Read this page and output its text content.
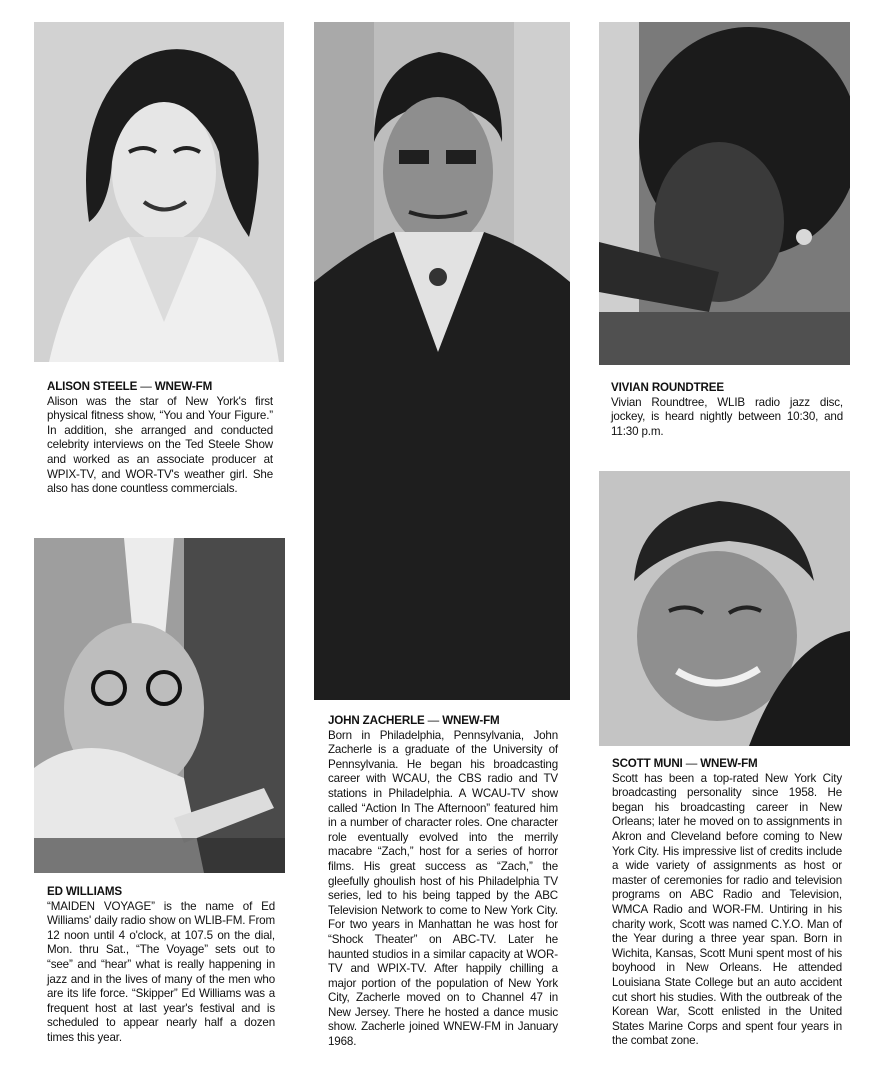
ALISON STEELE — WNEW-FM

Alison was the star of New York's first physical fitness show, “You and Your Figure.” In addition, she arranged and conducted celebrity interviews on the Ted Steele Show and worked as an associate producer at WPIX-TV, and WOR-TV's weather girl. She also has done countless commercials.

JOHN ZACHERLE — WNEW-FM

Born in Philadelphia, Pennsylvania, John Zacherle is a graduate of the University of Pennsylvania. He began his broadcasting career with WCAU, the CBS radio and TV stations in Philadelphia. A WCAU-TV show called “Action In The Afternoon” featured him in a number of character roles. One character role eventually evolved into the merrily macabre “Zach,” host for a series of horror films. His great success as “Zach,” the gleefully ghoulish host of his Philadelphia TV series, led to his being tapped by the ABC Television Network to come to New York City. For two years in Manhattan he was host for “Shock Theater” on ABC-TV. Later he haunted studios in a similar capacity at WOR-TV and WPIX-TV. After happily chilling a major portion of the population of New York City, Zacherle moved on to Channel 47 in New Jersey. There he hosted a dance music show. Zacherle joined WNEW-FM in January 1968.

VIVIAN ROUNDTREE

Vivian Roundtree, WLIB radio jazz disc, jockey, is heard nightly between 10:30, and 11:30 p.m.

SCOTT MUNI — WNEW-FM

Scott has been a top-rated New York City broadcasting personality since 1958. He began his broadcasting career in New Orleans; later he moved on to assignments in Akron and Cleveland before coming to New York City. His impressive list of credits include a wide variety of assignments as host or master of ceremonies for radio and television programs on ABC Radio and Television, WMCA Radio and WOR-FM. Untiring in his charity work, Scott was named C.Y.O. Man of the Year during a three year span. Born in Wichita, Kansas, Scott Muni spent most of his boyhood in New Orleans. He attended Louisiana State College but an auto accident cut short his studies. With the outbreak of the Korean War, Scott enlisted in the United States Marine Corps and spent four years in the combat zone.

ED WILLIAMS

“MAIDEN VOYAGE” is the name of Ed Williams' daily radio show on WLIB-FM. From 12 noon until 4 o'clock, at 107.5 on the dial, Mon. thru Sat., “The Voyage” sets out to “see” and “hear” what is really happening in jazz and in the lives of many of the men who are its life force. “Skipper” Ed Williams was a frequent host at last year's festival and is scheduled to appear nearly half a dozen times this year.
